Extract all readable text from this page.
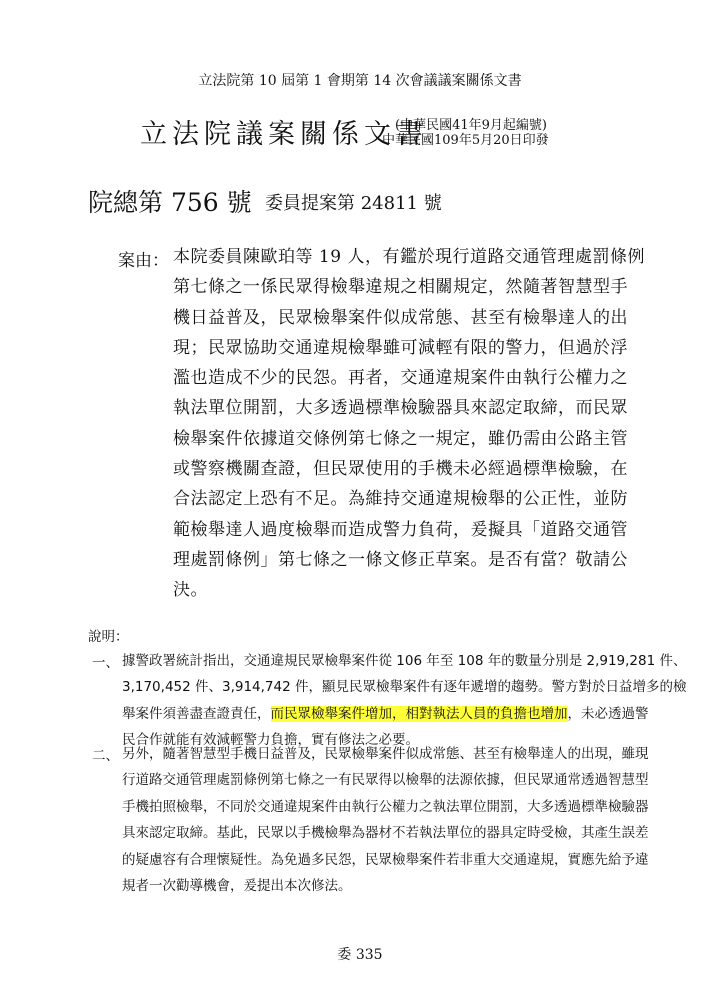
立法院第 10 屆第 1 會期第 14 次會議議案關係文書
立法院議案關係文書
(中華民國41年9月起編號)
中華民國109年5月20日印發
院總第 756 號 委員提案第 24811 號
案由： 本院委員陳歐珀等 19 人，有鑑於現行道路交通管理處罰條例
第七條之一係民眾得檢舉違規之相關規定，然隨著智慧型手
機日益普及，民眾檢舉案件似成常態、甚至有檢舉達人的出
現；民眾協助交通違規檢舉雖可減輕有限的警力，但過於浮
濫也造成不少的民怨。再者，交通違規案件由執行公權力之
執法單位開罰，大多透過標準檢驗器具來認定取締，而民眾
檢舉案件依據道交條例第七條之一規定，雖仍需由公路主管
或警察機關查證，但民眾使用的手機未必經過標準檢驗，在
合法認定上恐有不足。為維持交通違規檢舉的公正性，並防
範檢舉達人過度檢舉而造成警力負荷，爰擬具「道路交通管
理處罰條例」第七條之一條文修正草案。是否有當？敬請公
決。
說明：
一、 據警政署統計指出，交通違規民眾檢舉案件從 106 年至 108 年的數量分別是 2,919,281 件、
3,170,452 件、3,914,742 件，顯見民眾檢舉案件有逐年遞增的趨勢。警方對於日益增多的檢
舉案件須善盡查證責任，而民眾檢舉案件增加，相對執法人員的負擔也增加，未必透過警
民合作就能有效減輕警力負擔，實有修法之必要。
二、 另外，隨著智慧型手機日益普及，民眾檢舉案件似成常態、甚至有檢舉達人的出現，雖現
行道路交通管理處罰條例第七條之一有民眾得以檢舉的法源依據，但民眾通常透過智慧型
手機拍照檢舉，不同於交通違規案件由執行公權力之執法單位開罰，大多透過標準檢驗器
具來認定取締。基此，民眾以手機檢舉為器材不若執法單位的器具定時受檢，其產生誤差
的疑慮容有合理懷疑性。為免過多民怨，民眾檢舉案件若非重大交通違規，實應先給予違
規者一次勸導機會，爰提出本次修法。
委 335
